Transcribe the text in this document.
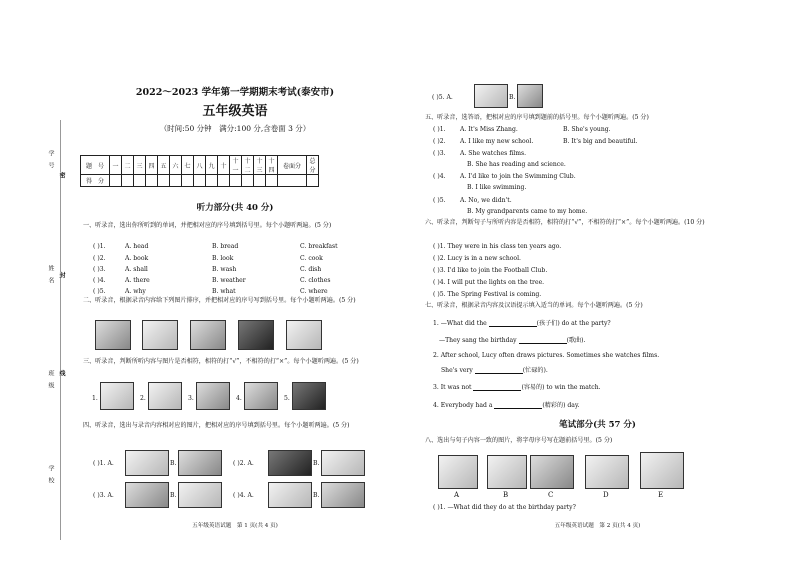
学　号
姓　名
班　级
学　校
密
封
线
2022～2023 学年第一学期期末考试(泰安市)
五年级英语
（时间:50 分钟　满分:100 分,含卷面 3 分）
题　号	一	二	三	四	五	六	七	八	九	十	十一	十二	十三	十四	卷面分	总分
得　分																
听力部分(共 40 分)
一、听录音，选出你所听到的单词，并把相对应的序号填到括号里。每个小题听两遍。(5 分)
( )1.	A. head	B. bread	C. breakfast
( )2.	A. book	B. look	C. cook
( )3.	A. shall	B. wash	C. dish
( )4.	A. there	B. weather	C. clothes
( )5.	A. why	B. what	C. where
二、听录音，根据录音内容给下列图片排序，并把相对应的序号写到括号里。每个小题听两遍。(5 分)
三、听录音，判断所听内容与图片是否相符，相符的打“√”，不相符的打“×”。每个小题听两遍。(5 分)
1.	2.	3.	4.	5.
四、听录音，选出与录音内容相对应的图片，把相对应的序号填到括号里。每个小题听两遍。(5 分)
( )1. A.	B.	( )2. A.	B.
( )3. A.	B.	( )4. A.	B.
五年级英语试题　第 1 页(共 4 页)
( )5. A.	B.
五、听录音，选答语，把相对应的序号填到题前的括号里。每个小题听两遍。(5 分)
( )1. A. It's Miss Zhang.	B. She's young.
( )2. A. I like my new school.	B. It's big and beautiful.
( )3. A. She watches films.
B. She has reading and science.
( )4. A. I'd like to join the Swimming Club.
B. I like swimming.
( )5. A. No, we didn't.
B. My grandparents came to my home.
六、听录音，判断句子与所听内容是否相符，相符的打“√”，不相符的打“×”。每个小题听两遍。(10 分)
( )1. They were in his class ten years ago.
( )2. Lucy is in a new school.
( )3. I'd like to join the Football Club.
( )4. I will put the lights on the tree.
( )5. The Spring Festival is coming.
七、听录音，根据录音内容及汉语提示填入适当的单词。每个小题听两遍。(5 分)
1. —What did the	(孩子们) do at the party?
—They sang the birthday	(歌曲).
2. After school, Lucy often draws pictures. Sometimes she watches films.
She's very	(忙碌的).
3. It was not	(容易的) to win the match.
4. Everybody had a	(精彩的) day.
笔试部分(共 57 分)
八、选出与句子内容一致的图片，将字母序号写在题前括号里。(5 分)
A	B	C	D	E
( )1. —What did they do at the birthday party?
五年级英语试题　第 2 页(共 4 页)
